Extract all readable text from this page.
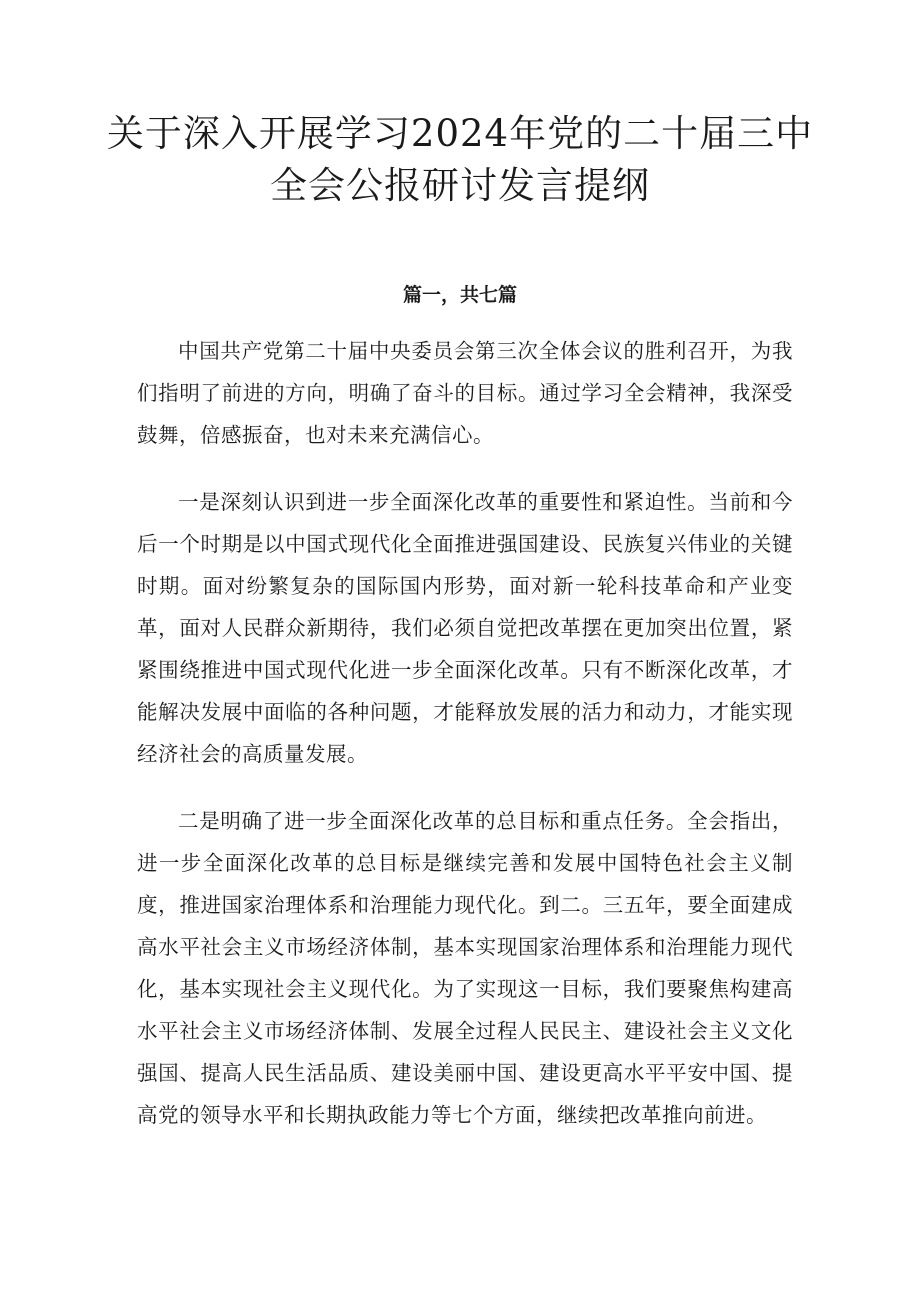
关于深入开展学习2024年党的二十届三中
全会公报研讨发言提纲
篇一，共七篇

中国共产党第二十届中央委员会第三次全体会议的胜利召开，为我们指明了前进的方向，明确了奋斗的目标。通过学习全会精神，我深受鼓舞，倍感振奋，也对未来充满信心。

一是深刻认识到进一步全面深化改革的重要性和紧迫性。当前和今后一个时期是以中国式现代化全面推进强国建设、民族复兴伟业的关键时期。面对纷繁复杂的国际国内形势，面对新一轮科技革命和产业变革，面对人民群众新期待，我们必须自觉把改革摆在更加突出位置，紧紧围绕推进中国式现代化进一步全面深化改革。只有不断深化改革，才能解决发展中面临的各种问题，才能释放发展的活力和动力，才能实现经济社会的高质量发展。

二是明确了进一步全面深化改革的总目标和重点任务。全会指出，进一步全面深化改革的总目标是继续完善和发展中国特色社会主义制度，推进国家治理体系和治理能力现代化。到二。三五年，要全面建成高水平社会主义市场经济体制，基本实现国家治理体系和治理能力现代化，基本实现社会主义现代化。为了实现这一目标，我们要聚焦构建高水平社会主义市场经济体制、发展全过程人民民主、建设社会主义文化强国、提高人民生活品质、建设美丽中国、建设更高水平平安中国、提高党的领导水平和长期执政能力等七个方面，继续把改革推向前进。
